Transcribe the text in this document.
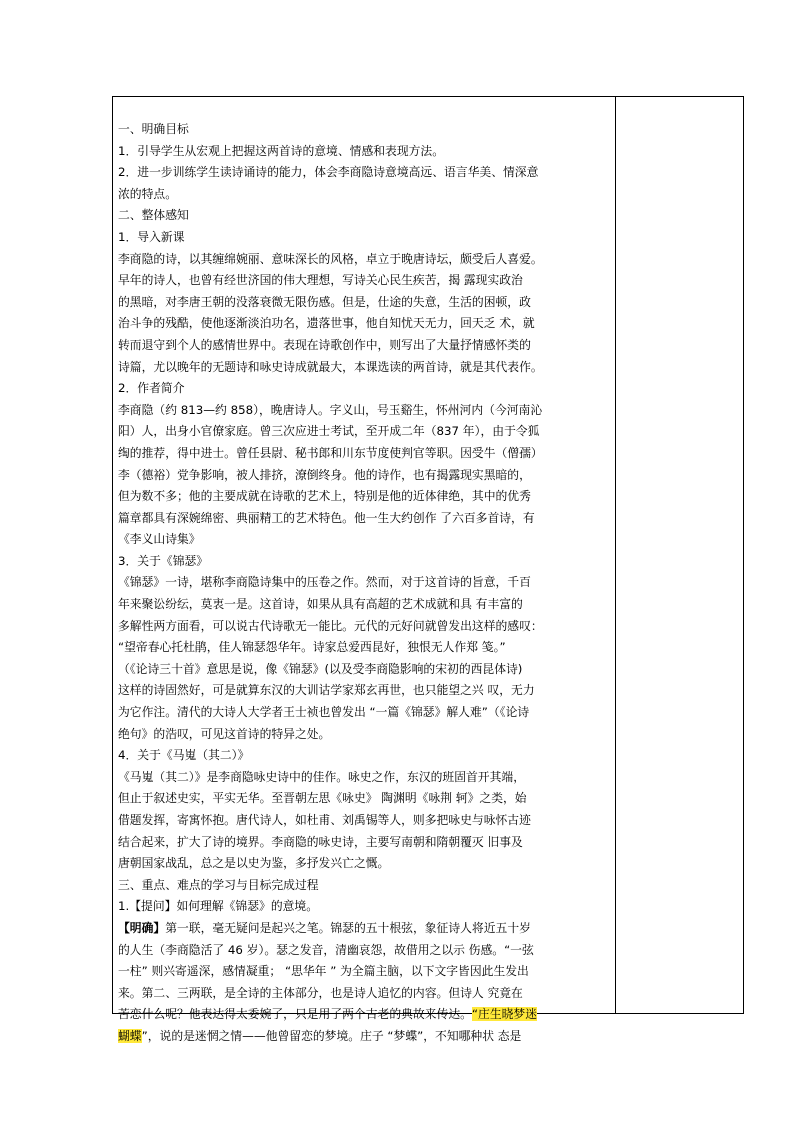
一、明确目标
1．引导学生从宏观上把握这两首诗的意境、情感和表现方法。
2．进一步训练学生读诗诵诗的能力，体会李商隐诗意境高远、语言华美、情深意
浓的特点。
二、整体感知
1．导入新课
李商隐的诗，以其缠绵婉丽、意味深长的风格，卓立于晚唐诗坛，颇受后人喜爱。
早年的诗人，也曾有经世济国的伟大理想，写诗关心民生疾苦，揭 露现实政治
的黑暗，对李唐王朝的没落衰微无限伤感。但是，仕途的失意，生活的困顿，政
治斗争的残酷，使他逐渐淡泊功名，遗落世事，他自知忧天无力，回天乏 术，就
转而退守到个人的感情世界中。表现在诗歌创作中，则写出了大量抒情感怀类的
诗篇，尤以晚年的无题诗和咏史诗成就最大，本课选读的两首诗，就是其代表作。
2．作者简介
李商隐（约 813—约 858），晚唐诗人。字义山，号玉谿生，怀州河内（今河南沁
阳）人，出身小官僚家庭。曾三次应进士考试，至开成二年（837 年），由于令狐
绹的推荐，得中进士。曾任县尉、秘书郎和川东节度使判官等职。因受牛（僧孺）
李（德裕）党争影响，被人排挤，潦倒终身。他的诗作，也有揭露现实黑暗的，
但为数不多；他的主要成就在诗歌的艺术上，特别是他的近体律绝，其中的优秀
篇章都具有深婉绵密、典丽精工的艺术特色。他一生大约创作 了六百多首诗，有
《李义山诗集》
3．关于《锦瑟》
《锦瑟》一诗，堪称李商隐诗集中的压卷之作。然而，对于这首诗的旨意，千百
年来聚讼纷纭，莫衷一是。这首诗，如果从具有高超的艺术成就和具 有丰富的
多解性两方面看，可以说古代诗歌无一能比。元代的元好问就曾发出这样的感叹：
“望帝春心托杜鹃，佳人锦瑟怨华年。诗家总爱西昆好，独恨无人作郑 笺。”
（《论诗三十首》意思是说，像《锦瑟》(以及受李商隐影响的宋初的西昆体诗)
这样的诗固然好，可是就算东汉的大训诂学家郑玄再世，也只能望之兴 叹，无力
为它作注。清代的大诗人大学者王士祯也曾发出 “一篇《锦瑟》解人难”（《论诗
绝句》的浩叹，可见这首诗的特异之处。
4．关于《马嵬（其二）》
《马嵬（其二）》是李商隐咏史诗中的佳作。咏史之作，东汉的班固首开其端，
但止于叙述史实，平实无华。至晋朝左思《咏史》 陶渊明《咏荆 轲》之类，始
借题发挥，寄寓怀抱。唐代诗人，如杜甫、刘禹锡等人，则多把咏史与咏怀古迹
结合起来，扩大了诗的境界。李商隐的咏史诗，主要写南朝和隋朝覆灭 旧事及
唐朝国家战乱，总之是以史为鉴，多抒发兴亡之慨。
三、重点、难点的学习与目标完成过程
1.【提问】如何理解《锦瑟》的意境。
【明确】第一联，毫无疑问是起兴之笔。锦瑟的五十根弦，象征诗人将近五十岁
的人生（李商隐活了 46 岁）。瑟之发音，清幽哀怨，故借用之以示 伤感。“一弦
一柱” 则兴寄遥深，感情凝重； “思华年 ” 为全篇主脑，以下文字皆因此生发出
来。第二、三两联，是全诗的主体部分，也是诗人追忆的内容。但诗人 究竟在
苦恋什么呢？他表达得太委婉了，只是用了两个古老的典故来传达。“庄生晓梦迷
蝴蝶”，说的是迷惘之情——他曾留恋的梦境。庄子 “梦蝶”，不知哪种状 态是
